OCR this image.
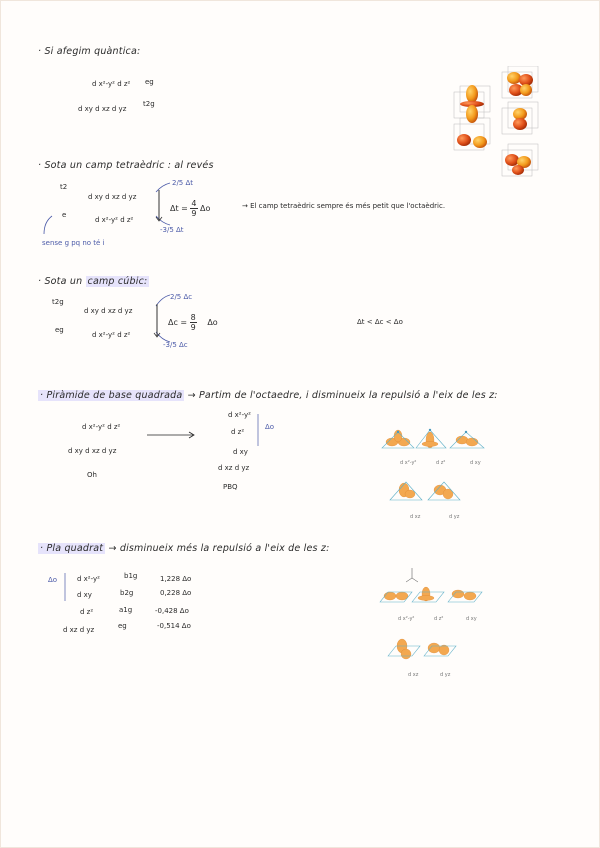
· Si afegim quàntica:
d x²-y² d z² eg
d xy d xz d yz
t2g
· Sota un camp tetraèdric : al revés
t2
d xy d xz d yz
e
d x²-y² d z²
2/5 Δt
-3/5 Δt
$\Delta t = \frac{4}{9}$ Δo	→ El camp tetraèdric sempre és més petit que l'octaèdric.
sense g pq no té i
· Sota un camp cúbic:
t2g
d xy d xz d yz
eg
d x²-y² d z²
2/5 Δc
-3/5 Δc
$\Delta c = \frac{8}{9}$ Δo	Δt < Δc < Δo
· Piràmide de base quadrada → Partim de l'octaedre, i disminueix la repulsió a l'eix de les z:
d x²-y² d z²
d xy d xz d yz
Oh
d x²-y²
d z²
d xy
d xz d yz
Δo
PBQ
d x²-y²	d z²	d xy
d xz	d yz
· Pla quadrat → disminueix més la repulsió a l'eix de les z:
Δo	d x²-y²	b1g	1,228 Δo
d xy	b2g	0,228 Δo
d z²	a1g	-0,428 Δo
d xz d yz	eg	-0,514 Δo
d x²-y²	d z²	d xy
d xz	d yz
